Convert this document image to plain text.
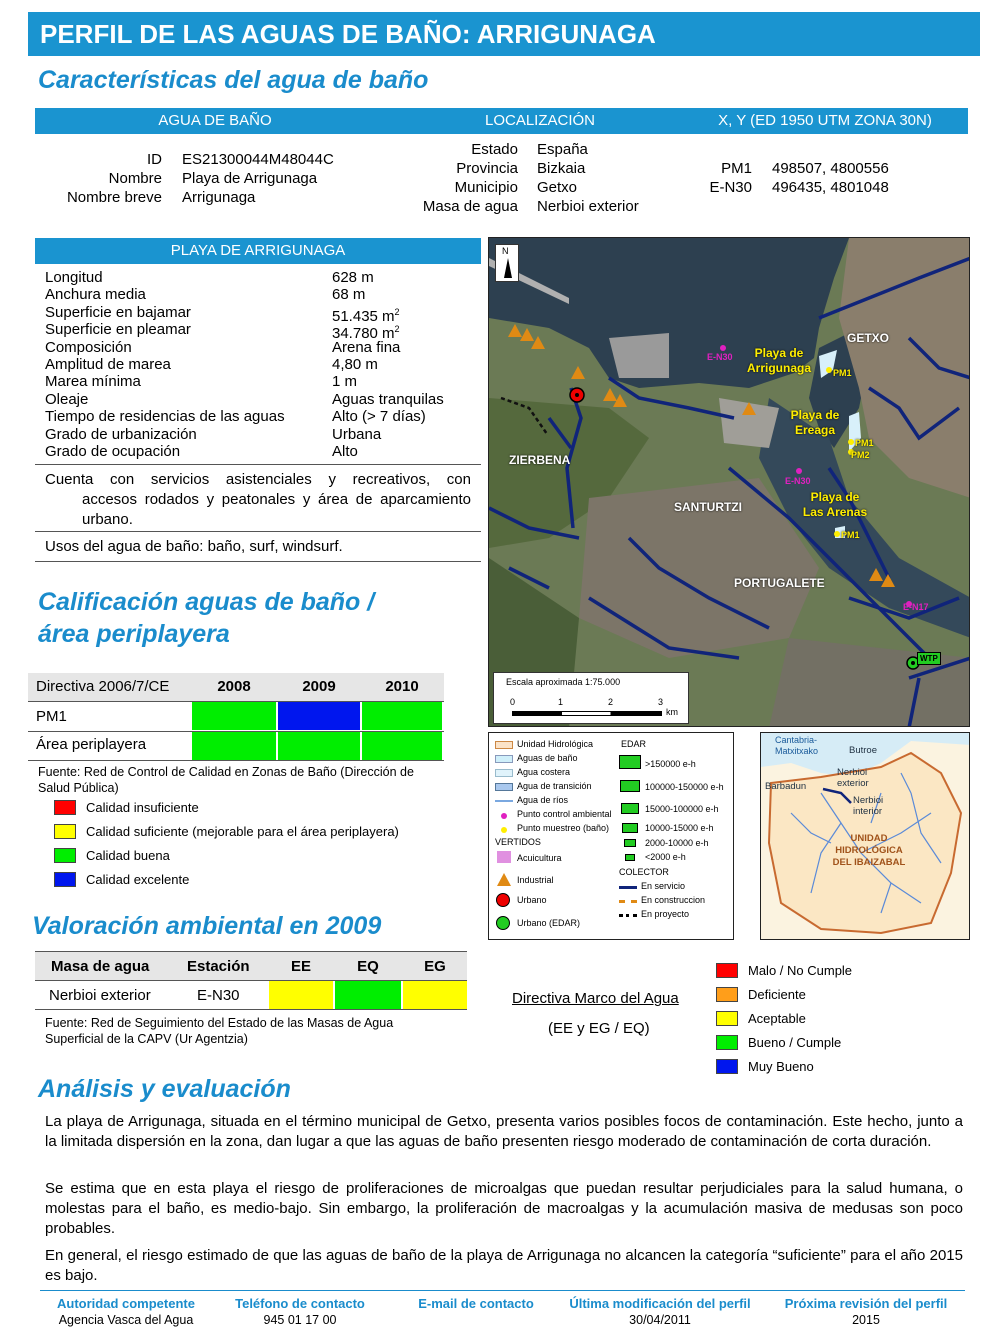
PERFIL DE LAS AGUAS DE BAÑO: ARRIGUNAGA
Características del agua de baño
AGUA DE BAÑO	LOCALIZACIÓN	X, Y (ED 1950 UTM ZONA 30N)
ID ES21300044M48044C
Nombre Playa de Arrigunaga
Nombre breve Arrigunaga
Estado España
Provincia Bizkaia
Municipio Getxo
Masa de agua Nerbioi exterior
PM1 498507, 4800556
E-N30 496435, 4801048
PLAYA DE ARRIGUNAGA
Longitud	628 m
Anchura media	68 m
Superficie en bajamar	51.435 $m^2$
Superficie en pleamar	34.780 $m^2$
Composición	Arena fina
Amplitud de marea	4,80 m
Marea mínima	1 m
Oleaje	Aguas tranquilas
Tiempo de residencias de las aguas	Alto (> 7 días)
Grado de urbanización	Urbana
Grado de ocupación	Alto
Cuenta con servicios asistenciales y recreativos, con
accesos rodados y peatonales y área de aparcamiento
urbano.
Usos del agua de baño: baño, surf, windsurf.
Calificación aguas de baño /
área periplayera
Directiva 2006/7/CE	2008	2009	2010
PM1
Área periplayera
Fuente: Red de Control de Calidad en Zonas de Baño (Dirección de Salud Pública)
Calidad insuficiente
Calidad suficiente (mejorable para el área periplayera)
Calidad buena
Calidad excelente
Valoración ambiental en 2009
Masa de agua	Estación	EE	EQ	EG
Nerbioi exterior	E-N30
Fuente: Red de Seguimiento del Estado de las Masas de Agua
Superficial de la CAPV (Ur Agentzia)
Directiva Marco del Agua
(EE y EG / EQ)
Malo / No Cumple
Deficiente
Aceptable
Bueno / Cumple
Muy Bueno
N
GETXO
ZIERBENA
SANTURTZI
PORTUGALETE
Playa de
Arrigunaga
Playa de
Ereaga
Playa de
Las Arenas
E-N30
E-N30
E-N17
PM1
PM1
PM2
PM1
WTP
Escala aproximada 1:75.000
0	1	2	3
km
Unidad Hidrológica
Aguas de baño
Agua costera
Agua de transición
Agua de ríos
Punto control ambiental
Punto muestreo (baño)
VERTIDOS
Acuicultura
Industrial
Urbano
Urbano (EDAR)
EDAR
>150000 e-h
100000-150000 e-h
15000-100000 e-h
10000-15000 e-h
2000-10000 e-h
<2000 e-h
COLECTOR
En servicio
En construccion
En proyecto
Cantabria-
Matxitxako	Butroe
Barbadun
Nerbioi
exterior
Nerbioi
interior
UNIDAD
HIDROLÓGICA
DEL IBAIZABAL
Análisis y evaluación
La playa de Arrigunaga, situada en el término municipal de Getxo, presenta varios posibles focos de contaminación. Este hecho, junto a la limitada dispersión en la zona, dan lugar a que las aguas de baño presenten riesgo moderado de contaminación de corta duración.
Se estima que en esta playa el riesgo de proliferaciones de microalgas que puedan resultar perjudiciales para la salud humana, o molestas para el baño, es medio-bajo. Sin embargo, la proliferación de macroalgas y la acumulación masiva de medusas son poco probables.
En general, el riesgo estimado de que las aguas de baño de la playa de Arrigunaga no alcancen la categoría “suficiente” para el año 2015 es bajo.
Autoridad competente
Agencia Vasca del Agua
Teléfono de contacto
945 01 17 00
E-mail de contacto	Última modificación del perfil
30/04/2011
Próxima revisión del perfil
2015
